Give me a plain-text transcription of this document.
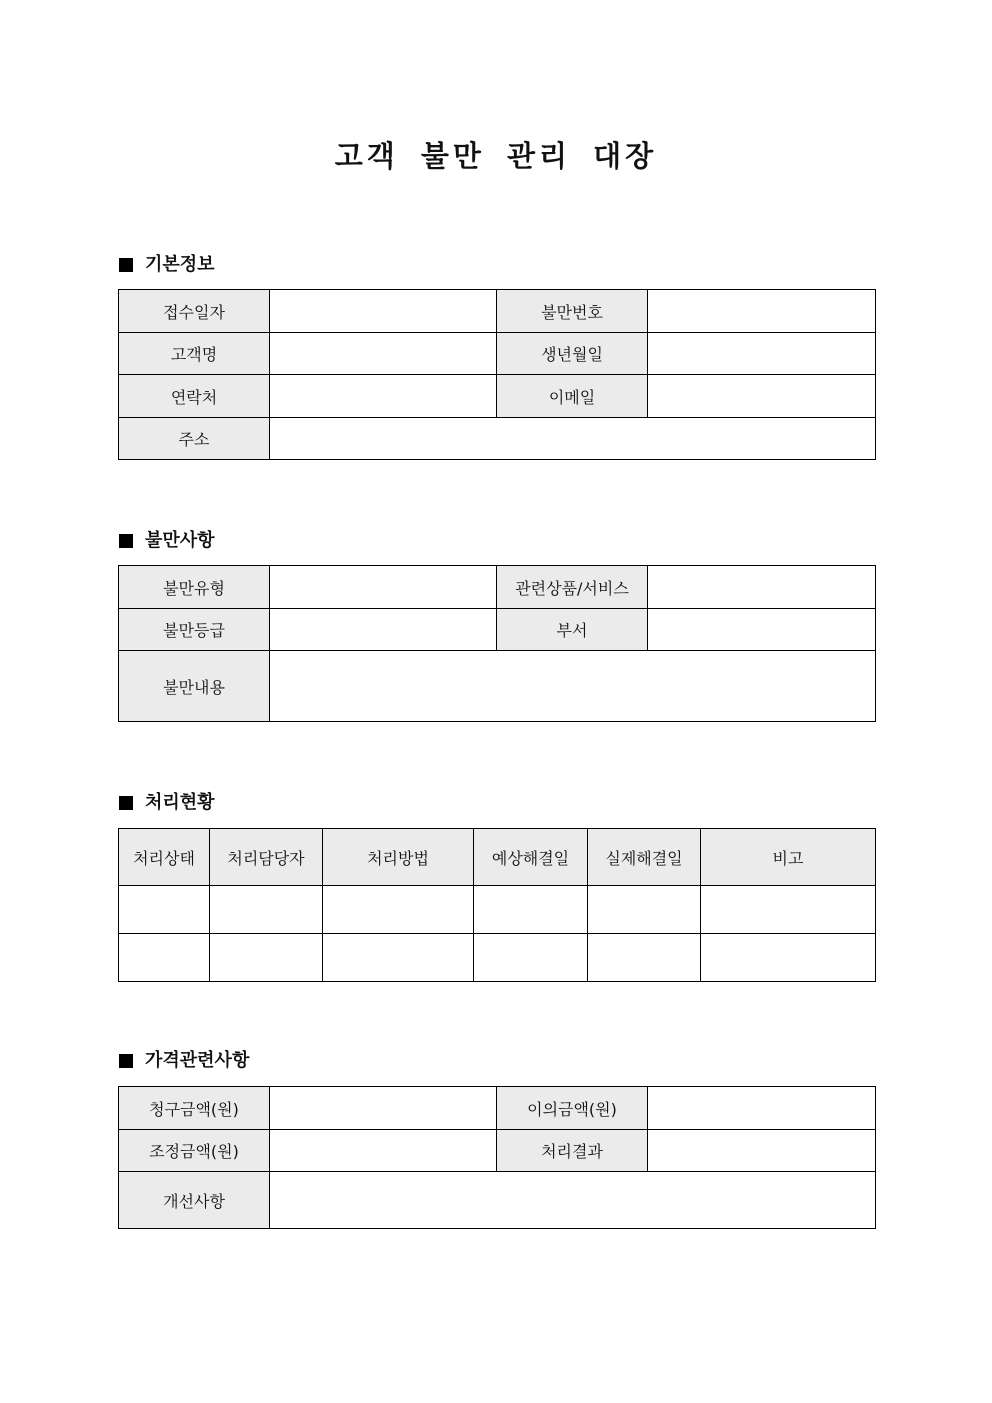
고객 불만 관리 대장
기본정보
접수일자		불만번호	
고객명		생년월일	
연락처		이메일	
주소			
불만사항
불만유형		관련상품/서비스	
불만등급		부서	
불만내용			
처리현황
처리상태	처리담당자	처리방법	예상해결일	실제해결일	비고

가격관련사항
청구금액(원)		이의금액(원)	
조정금액(원)		처리결과	
개선사항			
